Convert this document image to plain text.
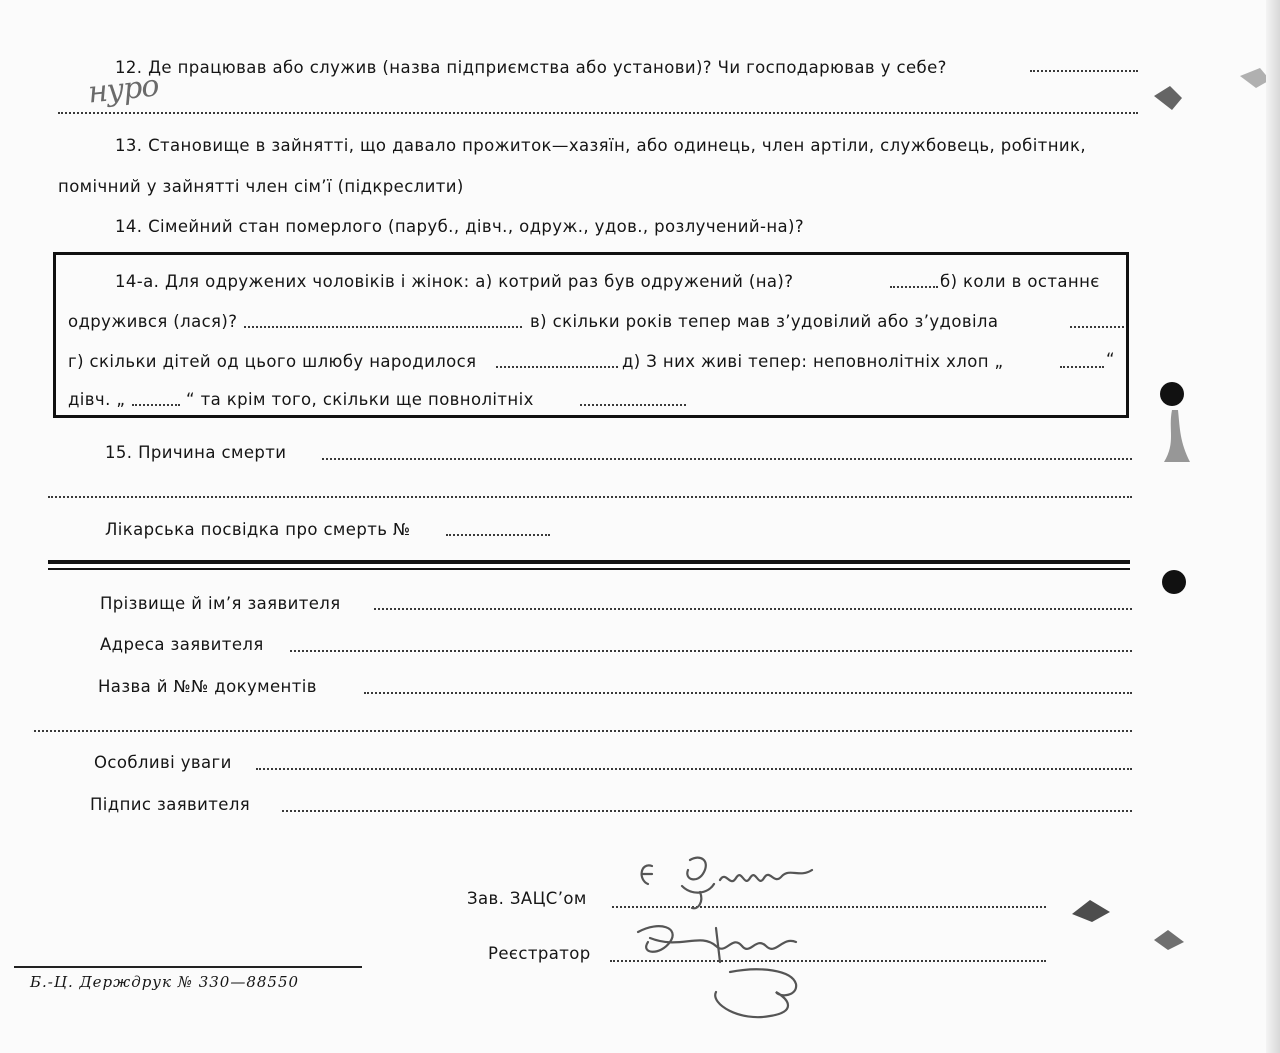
12. Де працював або служив (назва підприємства або установи)? Чи господарював у себе?
нуро
13. Становище в зайнятті, що давало прожиток—хазяїн, або одинець, член артіли, службовець, робітник,
помічний у зайнятті член сім’ї (підкреслити)
14. Сімейний стан померлого (паруб., дівч., одруж., удов., розлучений-на)?
14-а. Для одружених чоловіків і жінок: а) котрий раз був одружений (на)?	б) коли в останнє
одружився (лася)?	в) скільки років тепер мав з’удовілий або з’удовіла
г) скільки дітей од цього шлюбу народилося	д) З них живі тепер: неповнолітніх хлоп „	“
дівч. „	“ та крім того, скільки ще повнолітніх
15. Причина смерти
Лікарська посвідка про смерть №
Прізвище й ім’я заявителя
Адреса заявителя
Назва й №№ документів
Особливі уваги
Підпис заявителя
Зав. ЗАЦС’ом
Реєстратор
Б.-Ц. Держдрук № 330—88550
